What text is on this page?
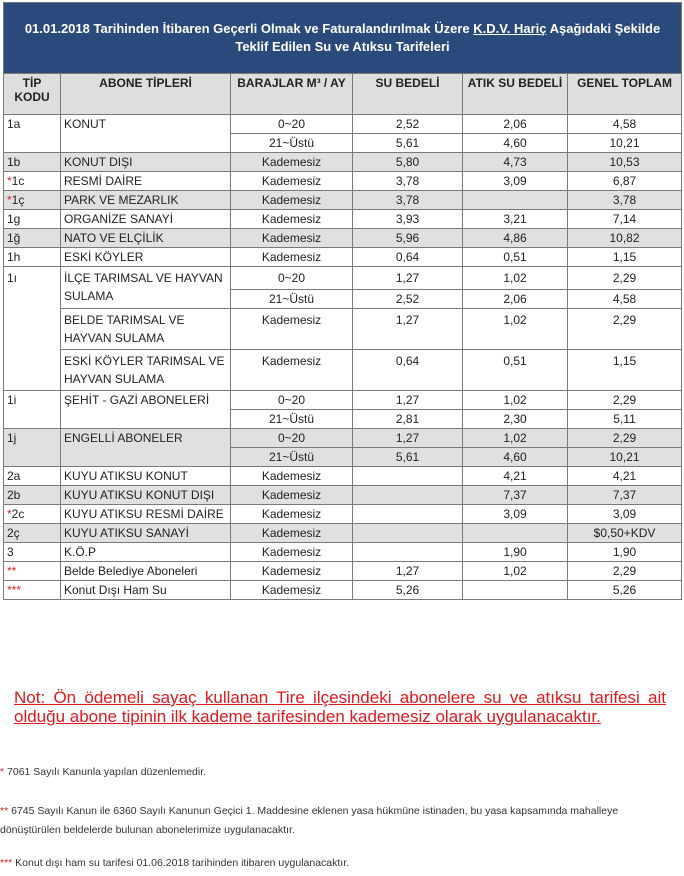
01.01.2018 Tarihinden İtibaren Geçerli Olmak ve Faturalandırılmak Üzere K.D.V. Hariç Aşağıdaki Şekilde
Teklif Edilen Su ve Atıksu Tarifeleri					
TİP KODU	ABONE TİPLERİ	BARAJLAR M³ / AY	SU BEDELİ	ATIK SU BEDELİ	GENEL TOPLAM
1a	KONUT	0~20	2,52	2,06	4,58
		21~Üstü	5,61	4,60	10,21
1b	KONUT DIŞI	Kademesiz	5,80	4,73	10,53
*1c	RESMİ DAİRE	Kademesiz	3,78	3,09	6,87
*1ç	PARK VE MEZARLIK	Kademesiz	3,78		3,78
1g	ORGANİZE SANAYİ	Kademesiz	3,93	3,21	7,14
1ğ	NATO VE ELÇİLİK	Kademesiz	5,96	4,86	10,82
1h	ESKİ KÖYLER	Kademesiz	0,64	0,51	1,15
1ı	İLÇE TARIMSAL VE HAYVAN SULAMA	0~20	1,27	1,02	2,29
		21~Üstü	2,52	2,06	4,58
	BELDE TARIMSAL VE HAYVAN SULAMA	Kademesiz	1,27	1,02	2,29
	ESKİ KÖYLER TARIMSAL VE HAYVAN SULAMA	Kademesiz	0,64	0,51	1,15
1i	ŞEHİT - GAZİ ABONELERİ	0~20	1,27	1,02	2,29
		21~Üstü	2,81	2,30	5,11
1j	ENGELLİ ABONELER	0~20	1,27	1,02	2,29
		21~Üstü	5,61	4,60	10,21
2a	KUYU ATIKSU KONUT	Kademesiz		4,21	4,21
2b	KUYU ATIKSU KONUT DIŞI	Kademesiz		7,37	7,37
*2c	KUYU ATIKSU RESMİ DAİRE	Kademesiz		3,09	3,09
2ç	KUYU ATIKSU SANAYİ	Kademesiz			$0,50+KDV
3	K.Ö.P	Kademesiz		1,90	1,90
**	Belde Belediye Aboneleri	Kademesiz	1,27	1,02	2,29
***	Konut Dışı Ham Su	Kademesiz	5,26		5,26
Not: Ön ödemeli sayaç kullanan Tire ilçesindeki abonelere su ve atıksu tarifesi ait olduğu abone tipinin ilk kademe tarifesinden kademesiz olarak uygulanacaktır.
* 7061 Sayılı Kanunla yapılan düzenlemedir.
** 6745 Sayılı Kanun ile 6360 Sayılı Kanunun Geçici 1. Maddesine eklenen yasa hükmüne istinaden, bu yasa kapsamında mahalleye dönüştürülen beldelerde bulunan abonelerimize uygulanacaktır.
*** Konut dışı ham su tarifesi 01.06.2018 tarihinden itibaren uygulanacaktır.
